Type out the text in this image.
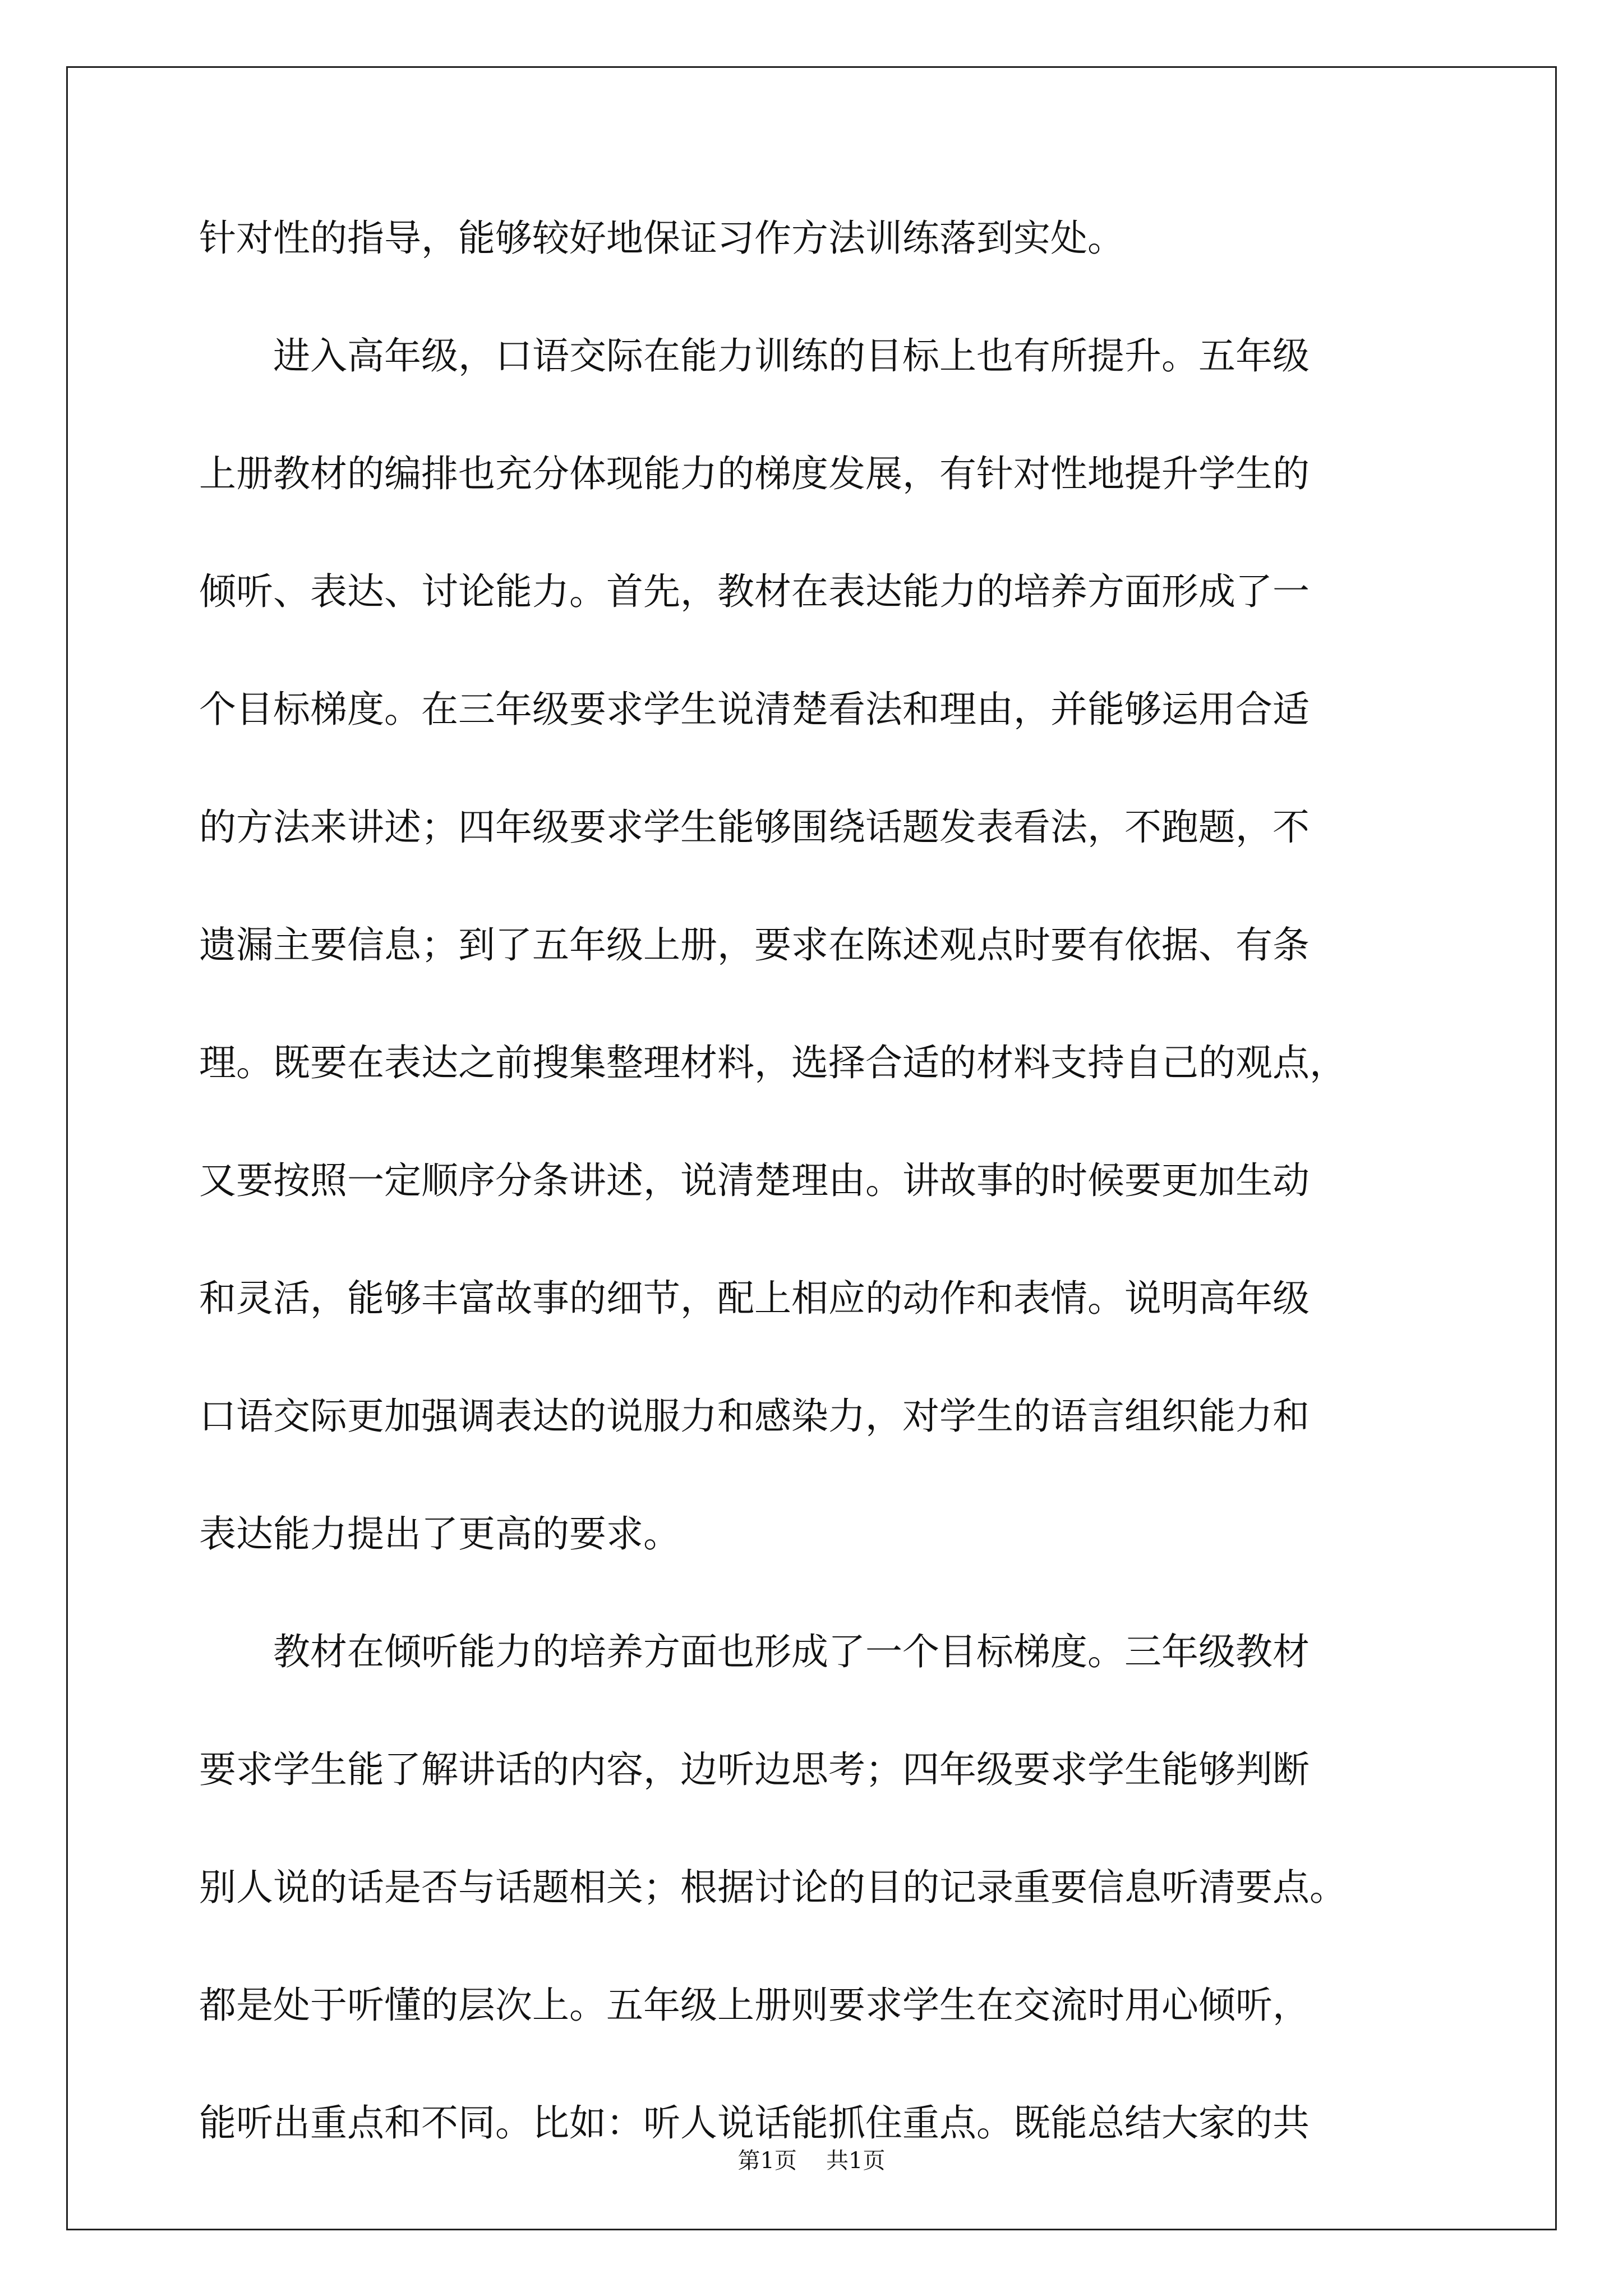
针对性的指导，能够较好地保证习作方法训练落到实处。
　　进入高年级，口语交际在能力训练的目标上也有所提升。五年级
上册教材的编排也充分体现能力的梯度发展，有针对性地提升学生的
倾听、表达、讨论能力。首先，教材在表达能力的培养方面形成了一
个目标梯度。在三年级要求学生说清楚看法和理由，并能够运用合适
的方法来讲述；四年级要求学生能够围绕话题发表看法，不跑题，不
遗漏主要信息；到了五年级上册，要求在陈述观点时要有依据、有条
理。既要在表达之前搜集整理材料，选择合适的材料支持自己的观点，
又要按照一定顺序分条讲述，说清楚理由。讲故事的时候要更加生动
和灵活，能够丰富故事的细节，配上相应的动作和表情。说明高年级
口语交际更加强调表达的说服力和感染力，对学生的语言组织能力和
表达能力提出了更高的要求。
　　教材在倾听能力的培养方面也形成了一个目标梯度。三年级教材
要求学生能了解讲话的内容，边听边思考；四年级要求学生能够判断
别人说的话是否与话题相关；根据讨论的目的记录重要信息听清要点。
都是处于听懂的层次上。五年级上册则要求学生在交流时用心倾听，
能听出重点和不同。比如：听人说话能抓住重点。既能总结大家的共
第1页 共1页
